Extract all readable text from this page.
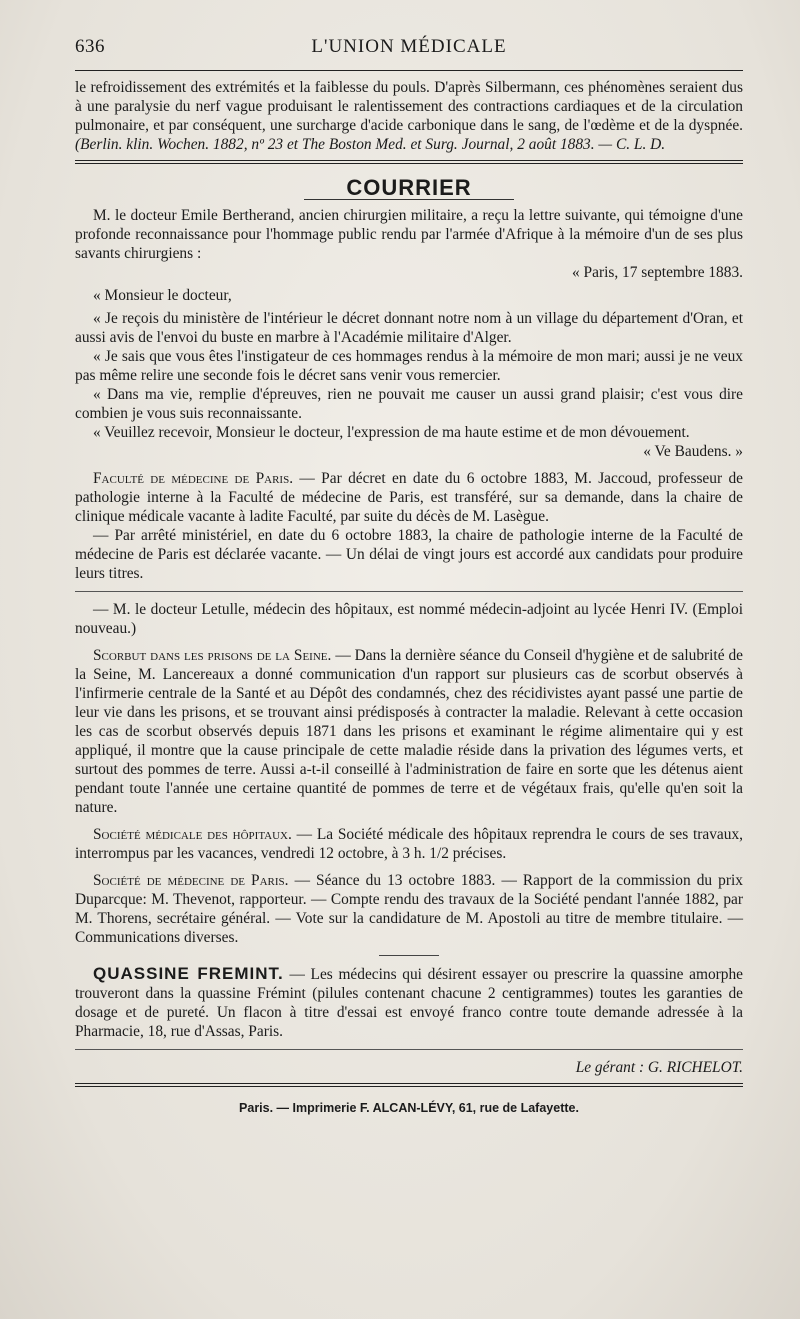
636	L'UNION MÉDICALE

le refroidissement des extrémités et la faiblesse du pouls. D'après Silbermann, ces phénomènes seraient dus à une paralysie du nerf vague produisant le ralentissement des contractions cardiaques et de la circulation pulmonaire, et par conséquent, une surcharge d'acide carbonique dans le sang, de l'œdème et de la dyspnée. (Berlin. klin. Wochen. 1882, nº 23 et The Boston Med. et Surg. Journal, 2 août 1883. — C. L. D.

COURRIER

M. le docteur Emile Bertherand, ancien chirurgien militaire, a reçu la lettre suivante, qui témoigne d'une profonde reconnaissance pour l'hommage public rendu par l'armée d'Afrique à la mémoire d'un de ses plus savants chirurgiens :

« Paris, 17 septembre 1883.

« Monsieur le docteur,

« Je reçois du ministère de l'intérieur le décret donnant notre nom à un village du département d'Oran, et aussi avis de l'envoi du buste en marbre à l'Académie militaire d'Alger.

« Je sais que vous êtes l'instigateur de ces hommages rendus à la mémoire de mon mari; aussi je ne veux pas même relire une seconde fois le décret sans venir vous remercier.

« Dans ma vie, remplie d'épreuves, rien ne pouvait me causer un aussi grand plaisir; c'est vous dire combien je vous suis reconnaissante.

« Veuillez recevoir, Monsieur le docteur, l'expression de ma haute estime et de mon dévouement.

« Ve Baudens. »

Faculté de médecine de Paris. — Par décret en date du 6 octobre 1883, M. Jaccoud, professeur de pathologie interne à la Faculté de médecine de Paris, est transféré, sur sa demande, dans la chaire de clinique médicale vacante à ladite Faculté, par suite du décès de M. Lasègue.

— Par arrêté ministériel, en date du 6 octobre 1883, la chaire de pathologie interne de la Faculté de médecine de Paris est déclarée vacante. — Un délai de vingt jours est accordé aux candidats pour produire leurs titres.

— M. le docteur Letulle, médecin des hôpitaux, est nommé médecin-adjoint au lycée Henri IV. (Emploi nouveau.)

Scorbut dans les prisons de la Seine. — Dans la dernière séance du Conseil d'hygiène et de salubrité de la Seine, M. Lancereaux a donné communication d'un rapport sur plusieurs cas de scorbut observés à l'infirmerie centrale de la Santé et au Dépôt des condamnés, chez des récidivistes ayant passé une partie de leur vie dans les prisons, et se trouvant ainsi prédisposés à contracter la maladie. Relevant à cette occasion les cas de scorbut observés depuis 1871 dans les prisons et examinant le régime alimentaire qui y est appliqué, il montre que la cause principale de cette maladie réside dans la privation des légumes verts, et surtout des pommes de terre. Aussi a-t-il conseillé à l'administration de faire en sorte que les détenus aient pendant toute l'année une certaine quantité de pommes de terre et de végétaux frais, qu'elle qu'en soit la nature.

Société médicale des hôpitaux. — La Société médicale des hôpitaux reprendra le cours de ses travaux, interrompus par les vacances, vendredi 12 octobre, à 3 h. 1/2 précises.

Société de médecine de Paris. — Séance du 13 octobre 1883. — Rapport de la commission du prix Duparcque: M. Thevenot, rapporteur. — Compte rendu des travaux de la Société pendant l'année 1882, par M. Thorens, secrétaire général. — Vote sur la candidature de M. Apostoli au titre de membre titulaire. — Communications diverses.

QUASSINE FREMINT. — Les médecins qui désirent essayer ou prescrire la quassine amorphe trouveront dans la quassine Frémint (pilules contenant chacune 2 centigrammes) toutes les garanties de dosage et de pureté. Un flacon à titre d'essai est envoyé franco contre toute demande adressée à la Pharmacie, 18, rue d'Assas, Paris.

Le gérant : G. RICHELOT.

Paris. — Imprimerie F. ALCAN-LÉVY, 61, rue de Lafayette.
